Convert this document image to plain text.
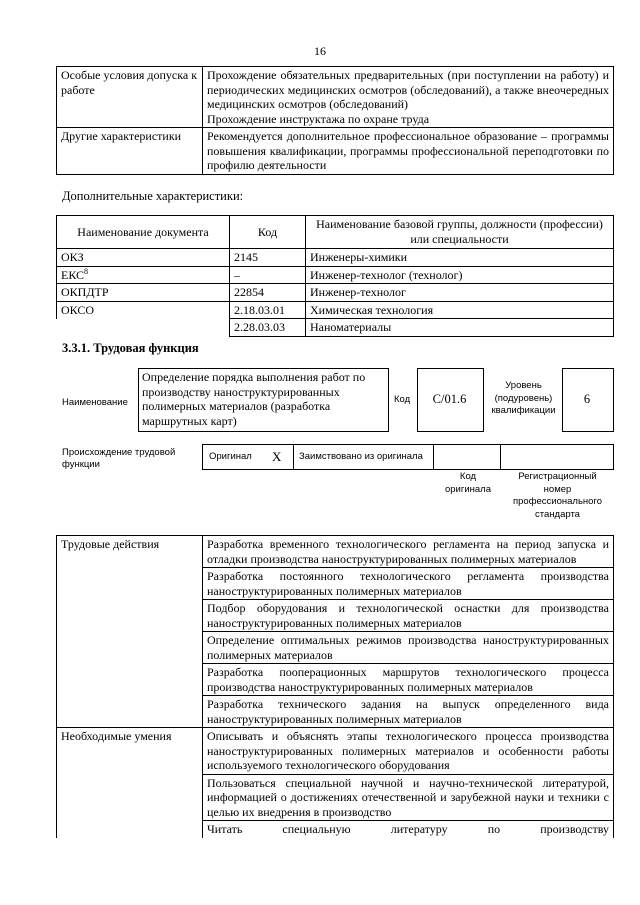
16
Особые условия допуска к работе	Прохождение обязательных предварительных (при поступлении на работу) и периодических медицинских осмотров (обследований), а также внеочередных медицинских осмотров (обследований)
Прохождение инструктажа по охране труда

Другие характеристики	Рекомендуется дополнительное профессиональное образование – программы повышения квалификации, программы профессиональной переподготовки по профилю деятельности
Дополнительные характеристики:
Наименование документа	Код	Наименование базовой группы, должности (профессии) или специальности
ОКЗ	2145	Инженеры-химики
ЕКС$^8$	–	Инженер-технолог (технолог)
ОКПДТР	22854	Инженер-технолог
ОКСО	2.18.03.01	Химическая технология
	2.28.03.03	Наноматериалы
3.3.1. Трудовая функция
Наименование
Определение порядка выполнения работ по производству наноструктурированных полимерных материалов (разработка маршрутных карт)
Код	C/01.6
Уровень (подуровень) квалификации
6
Происхождение трудовой функции
Оригинал X Заимствовано из оригинала
Код оригинала
Регистрационный номер профессионального стандарта
Трудовые действия	Разработка временного технологического регламента на период запуска и отладки производства наноструктурированных полимерных материалов
	Разработка постоянного технологического регламента производства наноструктурированных полимерных материалов
	Подбор оборудования и технологической оснастки для производства наноструктурированных полимерных материалов
	Определение оптимальных режимов производства наноструктурированных полимерных материалов
	Разработка пооперационных маршрутов технологического процесса производства наноструктурированных полимерных материалов
	Разработка технического задания на выпуск определенного вида наноструктурированных полимерных материалов
Необходимые умения	Описывать и объяснять этапы технологического процесса производства наноструктурированных полимерных материалов и особенности работы используемого технологического оборудования
	Пользоваться специальной научной и научно-технической литературой, информацией о достижениях отечественной и зарубежной науки и техники с целью их внедрения в производство
	Читать специальную литературу по производству
